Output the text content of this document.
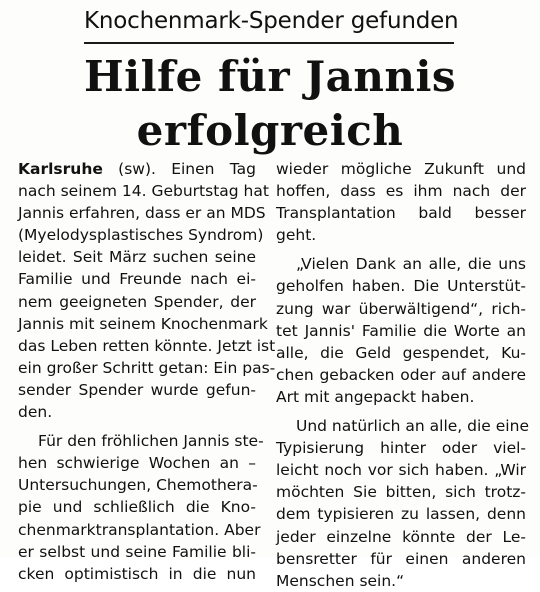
Knochenmark-Spender gefunden
Hilfe für Jannis
erfolgreich
Karlsruhe (sw). Einen Tag
nach seinem 14. Geburtstag hat
Jannis erfahren, dass er an MDS
(Myelodysplastisches Syndrom)
leidet. Seit März suchen seine
Familie und Freunde nach ei-
nem geeigneten Spender, der
Jannis mit seinem Knochenmark
das Leben retten könnte. Jetzt ist
ein großer Schritt getan: Ein pas-
sender Spender wurde gefun-
den.
Für den fröhlichen Jannis ste-
hen schwierige Wochen an –
Untersuchungen, Chemothera-
pie und schließlich die Kno-
chenmarktransplantation. Aber
er selbst und seine Familie bli-
cken optimistisch in die nun
wieder mögliche Zukunft und
hoffen, dass es ihm nach der
Transplantation bald besser
geht.
„Vielen Dank an alle, die uns
geholfen haben. Die Unterstüt-
zung war überwältigend“, rich-
tet Jannis' Familie die Worte an
alle, die Geld gespendet, Ku-
chen gebacken oder auf andere
Art mit angepackt haben.
Und natürlich an alle, die eine
Typisierung hinter oder viel-
leicht noch vor sich haben. „Wir
möchten Sie bitten, sich trotz-
dem typisieren zu lassen, denn
jeder einzelne könnte der Le-
bensretter für einen anderen
Menschen sein.“
